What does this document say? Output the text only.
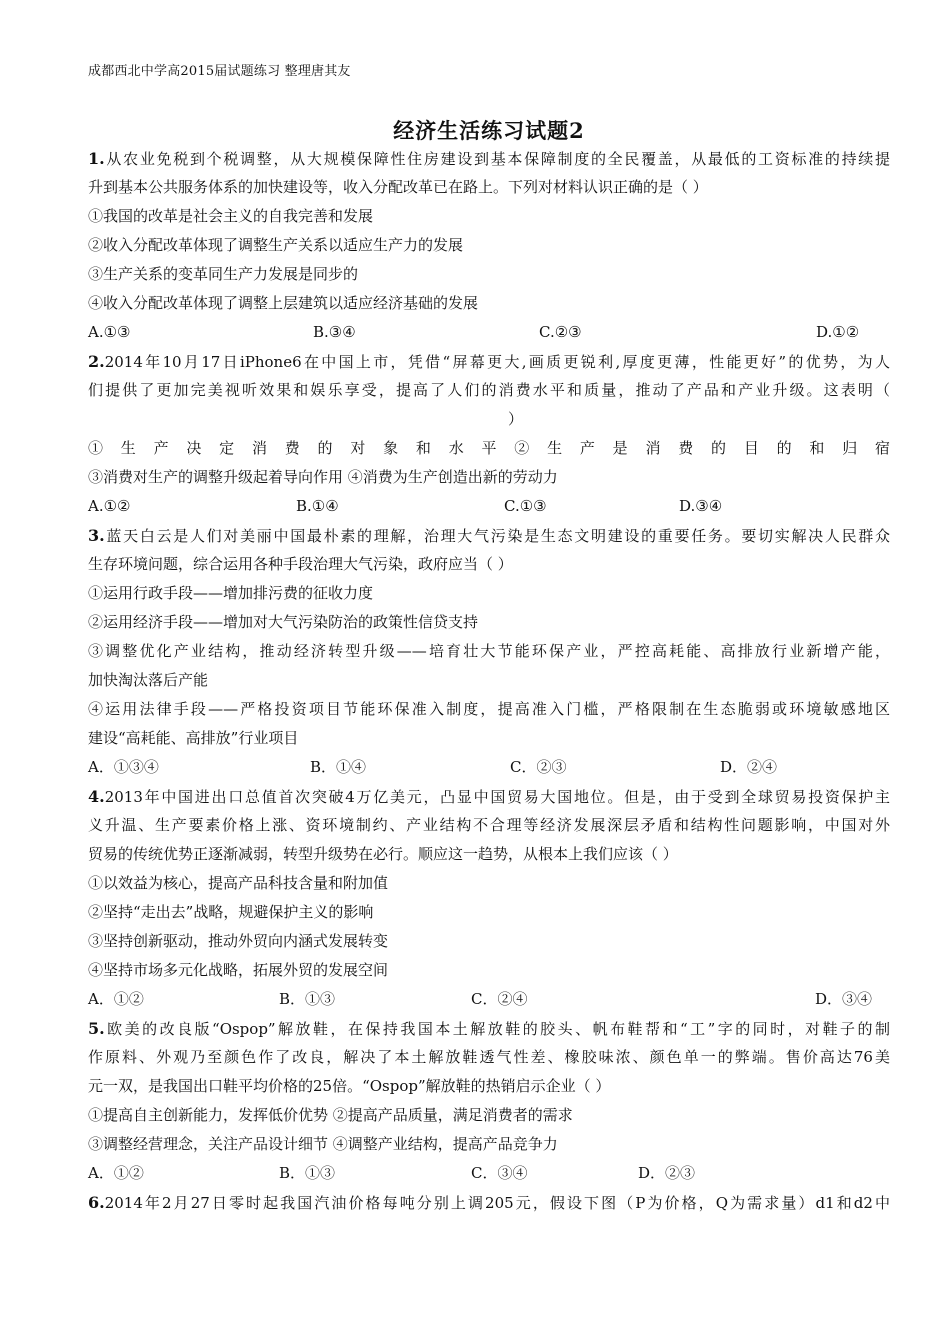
成都西北中学高2015届试题练习 整理唐其友
经济生活练习试题2
1.从农业免税到个税调整，从大规模保障性住房建设到基本保障制度的全民覆盖，从最低的工资标准的持续提
升到基本公共服务体系的加快建设等，收入分配改革已在路上。下列对材料认识正确的是（ ）
①我国的改革是社会主义的自我完善和发展
②收入分配改革体现了调整生产关系以适应生产力的发展
③生产关系的变革同生产力发展是同步的
④收入分配改革体现了调整上层建筑以适应经济基础的发展
A.①③	B.③④	C.②③	D.①②
2.2014年10月17日iPhone6在中国上市，凭借“屏幕更大,画质更锐利,厚度更薄，性能更好”的优势，为人
们提供了更加完美视听效果和娱乐享受，提高了人们的消费水平和质量，推动了产品和产业升级。这表明（
）
① 生 产 决 定 消 费 的 对 象 和 水 平 ② 生 产 是 消 费 的 目 的 和 归 宿
③消费对生产的调整升级起着导向作用 ④消费为生产创造出新的劳动力
A.①②	B.①④	C.①③	D.③④
3.蓝天白云是人们对美丽中国最朴素的理解，治理大气污染是生态文明建设的重要任务。要切实解决人民群众
生存环境问题，综合运用各种手段治理大气污染，政府应当（ ）
①运用行政手段——增加排污费的征收力度
②运用经济手段——增加对大气污染防治的政策性信贷支持
③调整优化产业结构，推动经济转型升级——培育壮大节能环保产业，严控高耗能、高排放行业新增产能，
加快淘汰落后产能
④运用法律手段——严格投资项目节能环保准入制度，提高准入门槛，严格限制在生态脆弱或环境敏感地区
建设“高耗能、高排放”行业项目
A．①③④	B．①④	C．②③	D．②④
4.2013年中国进出口总值首次突破4万亿美元，凸显中国贸易大国地位。但是，由于受到全球贸易投资保护主
义升温、生产要素价格上涨、资环境制约、产业结构不合理等经济发展深层矛盾和结构性问题影响，中国对外
贸易的传统优势正逐渐减弱，转型升级势在必行。顺应这一趋势，从根本上我们应该（ ）
①以效益为核心，提高产品科技含量和附加值
②坚持“走出去”战略，规避保护主义的影响
③坚持创新驱动，推动外贸向内涵式发展转变
④坚持市场多元化战略，拓展外贸的发展空间
A．①②	B．①③	C．②④	D．③④
5.欧美的改良版“Ospop”解放鞋，在保持我国本土解放鞋的胶头、帆布鞋帮和“工”字的同时，对鞋子的制
作原料、外观乃至颜色作了改良，解决了本土解放鞋透气性差、橡胶味浓、颜色单一的弊端。售价高达76美
元一双，是我国出口鞋平均价格的25倍。“Ospop”解放鞋的热销启示企业（ ）
①提高自主创新能力，发挥低价优势 ②提高产品质量，满足消费者的需求
③调整经营理念，关注产品设计细节 ④调整产业结构，提高产品竞争力
A．①②	B．①③	C．③④	D．②③
6.2014年2月27日零时起我国汽油价格每吨分别上调205元，假设下图（P为价格，Q为需求量）d1和d2中
